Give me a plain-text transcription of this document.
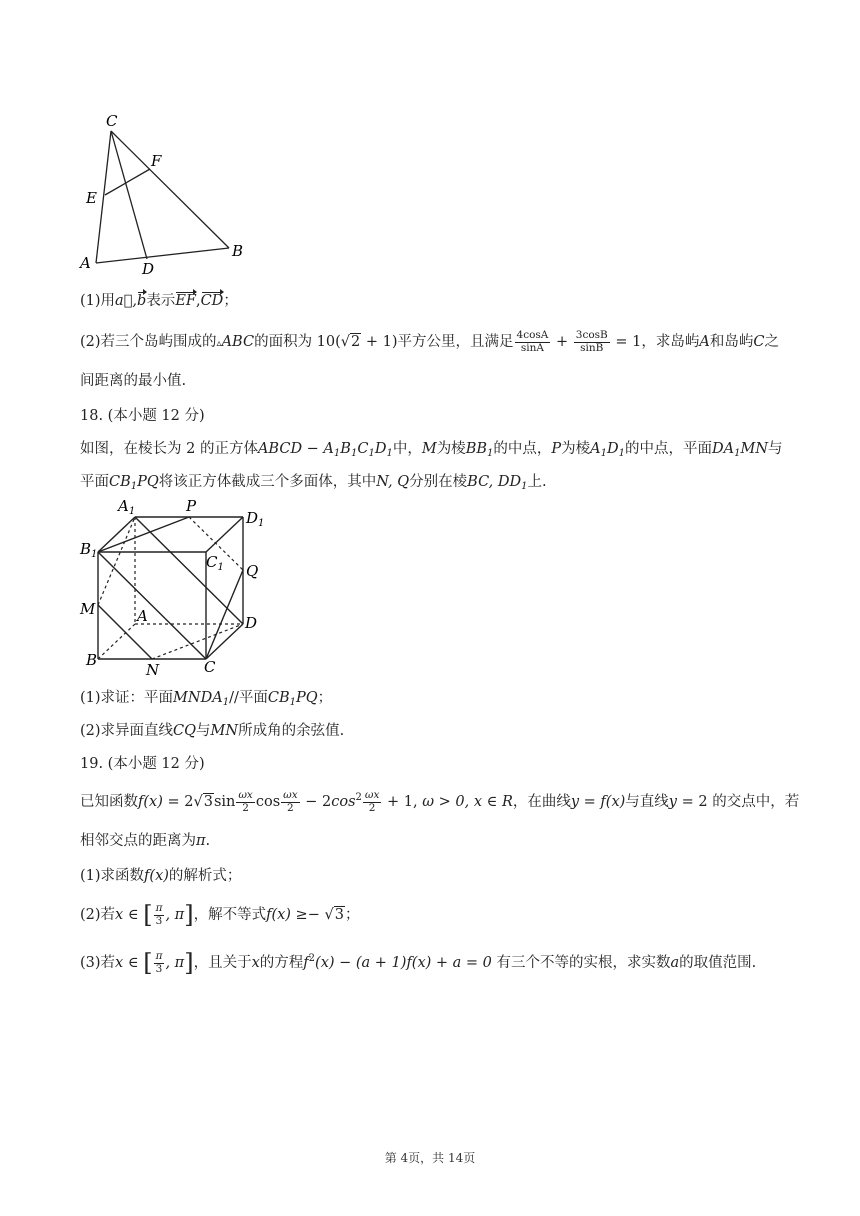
C
F
E
A	D
B
(1)用a⃗,b表示EF,CD；
(2)若三个岛屿围成的▵ABC的面积为 10(√2 + 1)平方公里，且满足 $\frac{4\cos A}{\sin A} + \frac{3\cos B}{\sin B} = 1$，求岛屿A和岛屿C之
间距离的最小值.
18. (本小题 12 分)
如图，在棱长为 2 的正方体ABCD − $A_1B_1C_1D_1$中，M为棱$BB_1$的中点，P为棱$A_1D_1$的中点，平面$DA_1MN$与
平面$CB_1PQ$将该正方体截成三个多面体，其中N, Q分别在棱BC, $DD_1$上.
$A_1$	P
$D_1$
$B_1$	$C_1$ Q
M	A	D
B
N	C
(1)求证：平面$MNDA_1//$平面$CB_1PQ$；
(2)求异面直线CQ与MN所成角的余弦值.
19. (本小题 12 分)
已知函数$f(x) = 2√3\sin \frac{\omega x}{2}$ $\cos \frac{\omega x}{2} - 2\cos^2 \frac{\omega x}{2} + 1$, ω > 0, x ∈ R，在曲线y = f(x)与直线y = 2 的交点中，若
相邻交点的距离为π.
(1)求函数f(x)的解析式；
(2)若x ∈ [ $\frac{\pi}{3}$ , π]，解不等式f(x) ≥− √3；
(3)若x ∈ [ $\frac{\pi}{3}$ , π]，且关于x的方程$f^2(x) - (a + 1)f(x) + a = 0$ 有三个不等的实根，求实数a的取值范围.
第 4页，共 14页
